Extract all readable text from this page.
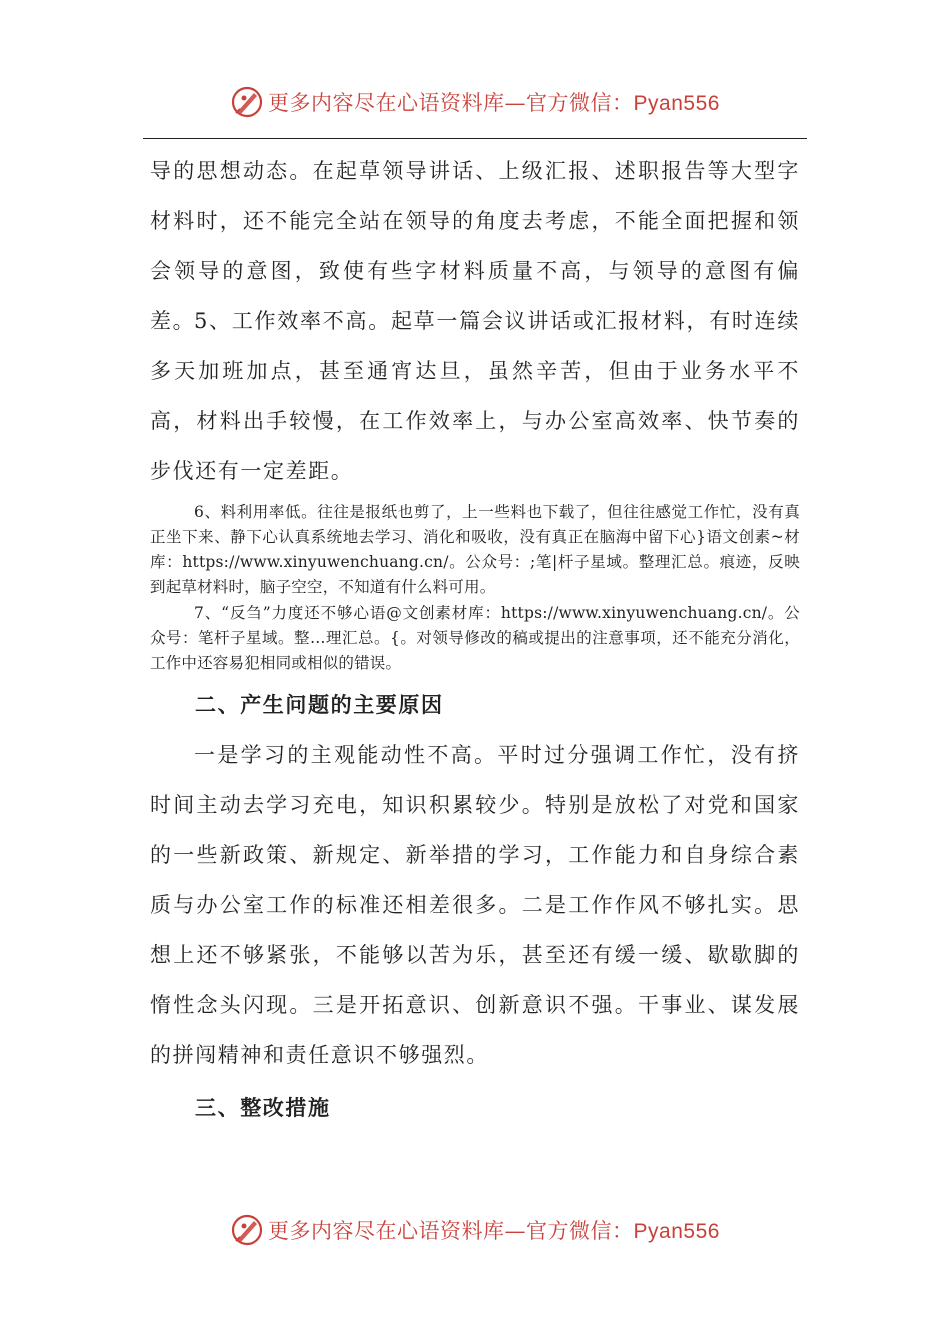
更多内容尽在心语资料库—官方微信：Pyan556

导的思想动态。在起草领导讲话、上级汇报、述职报告等大型字材料时，还不能完全站在领导的角度去考虑，不能全面把握和领会领导的意图，致使有些字材料质量不高，与领导的意图有偏差。

5、工作效率不高。起草一篇会议讲话或汇报材料，有时连续多天加班加点，甚至通宵达旦，虽然辛苦，但由于业务水平不高，材料出手较慢，在工作效率上，与办公室高效率、快节奏的步伐还有一定差距。

6、料利用率低。往往是报纸也剪了，上一些料也下载了，但往往感觉工作忙，没有真正坐下来、静下心认真系统地去学习、消化和吸收，没有真正在脑海中留下心}语文创素~材库：https://www.xinyuwenchuang.cn/。公众号：;笔|杆子星域。整理汇总。痕迹，反映到起草材料时，脑子空空，不知道有什么料可用。

7、“反刍”力度还不够心语@文创素材库：https://www.xinyuwenchuang.cn/。公众号：笔杆子星域。整…理汇总。{。对领导修改的稿或提出的注意事项，还不能充分消化，工作中还容易犯相同或相似的错误。

二、产生问题的主要原因

一是学习的主观能动性不高。平时过分强调工作忙，没有挤时间主动去学习充电，知识积累较少。特别是放松了对党和国家的一些新政策、新规定、新举措的学习，工作能力和自身综合素质与办公室工作的标准还相差很多。二是工作作风不够扎实。思想上还不够紧张，不能够以苦为乐，甚至还有缓一缓、歇歇脚的惰性念头闪现。三是开拓意识、创新意识不强。干事业、谋发展的拼闯精神和责任意识不够强烈。

三、整改措施
更多内容尽在心语资料库—官方微信：Pyan556
